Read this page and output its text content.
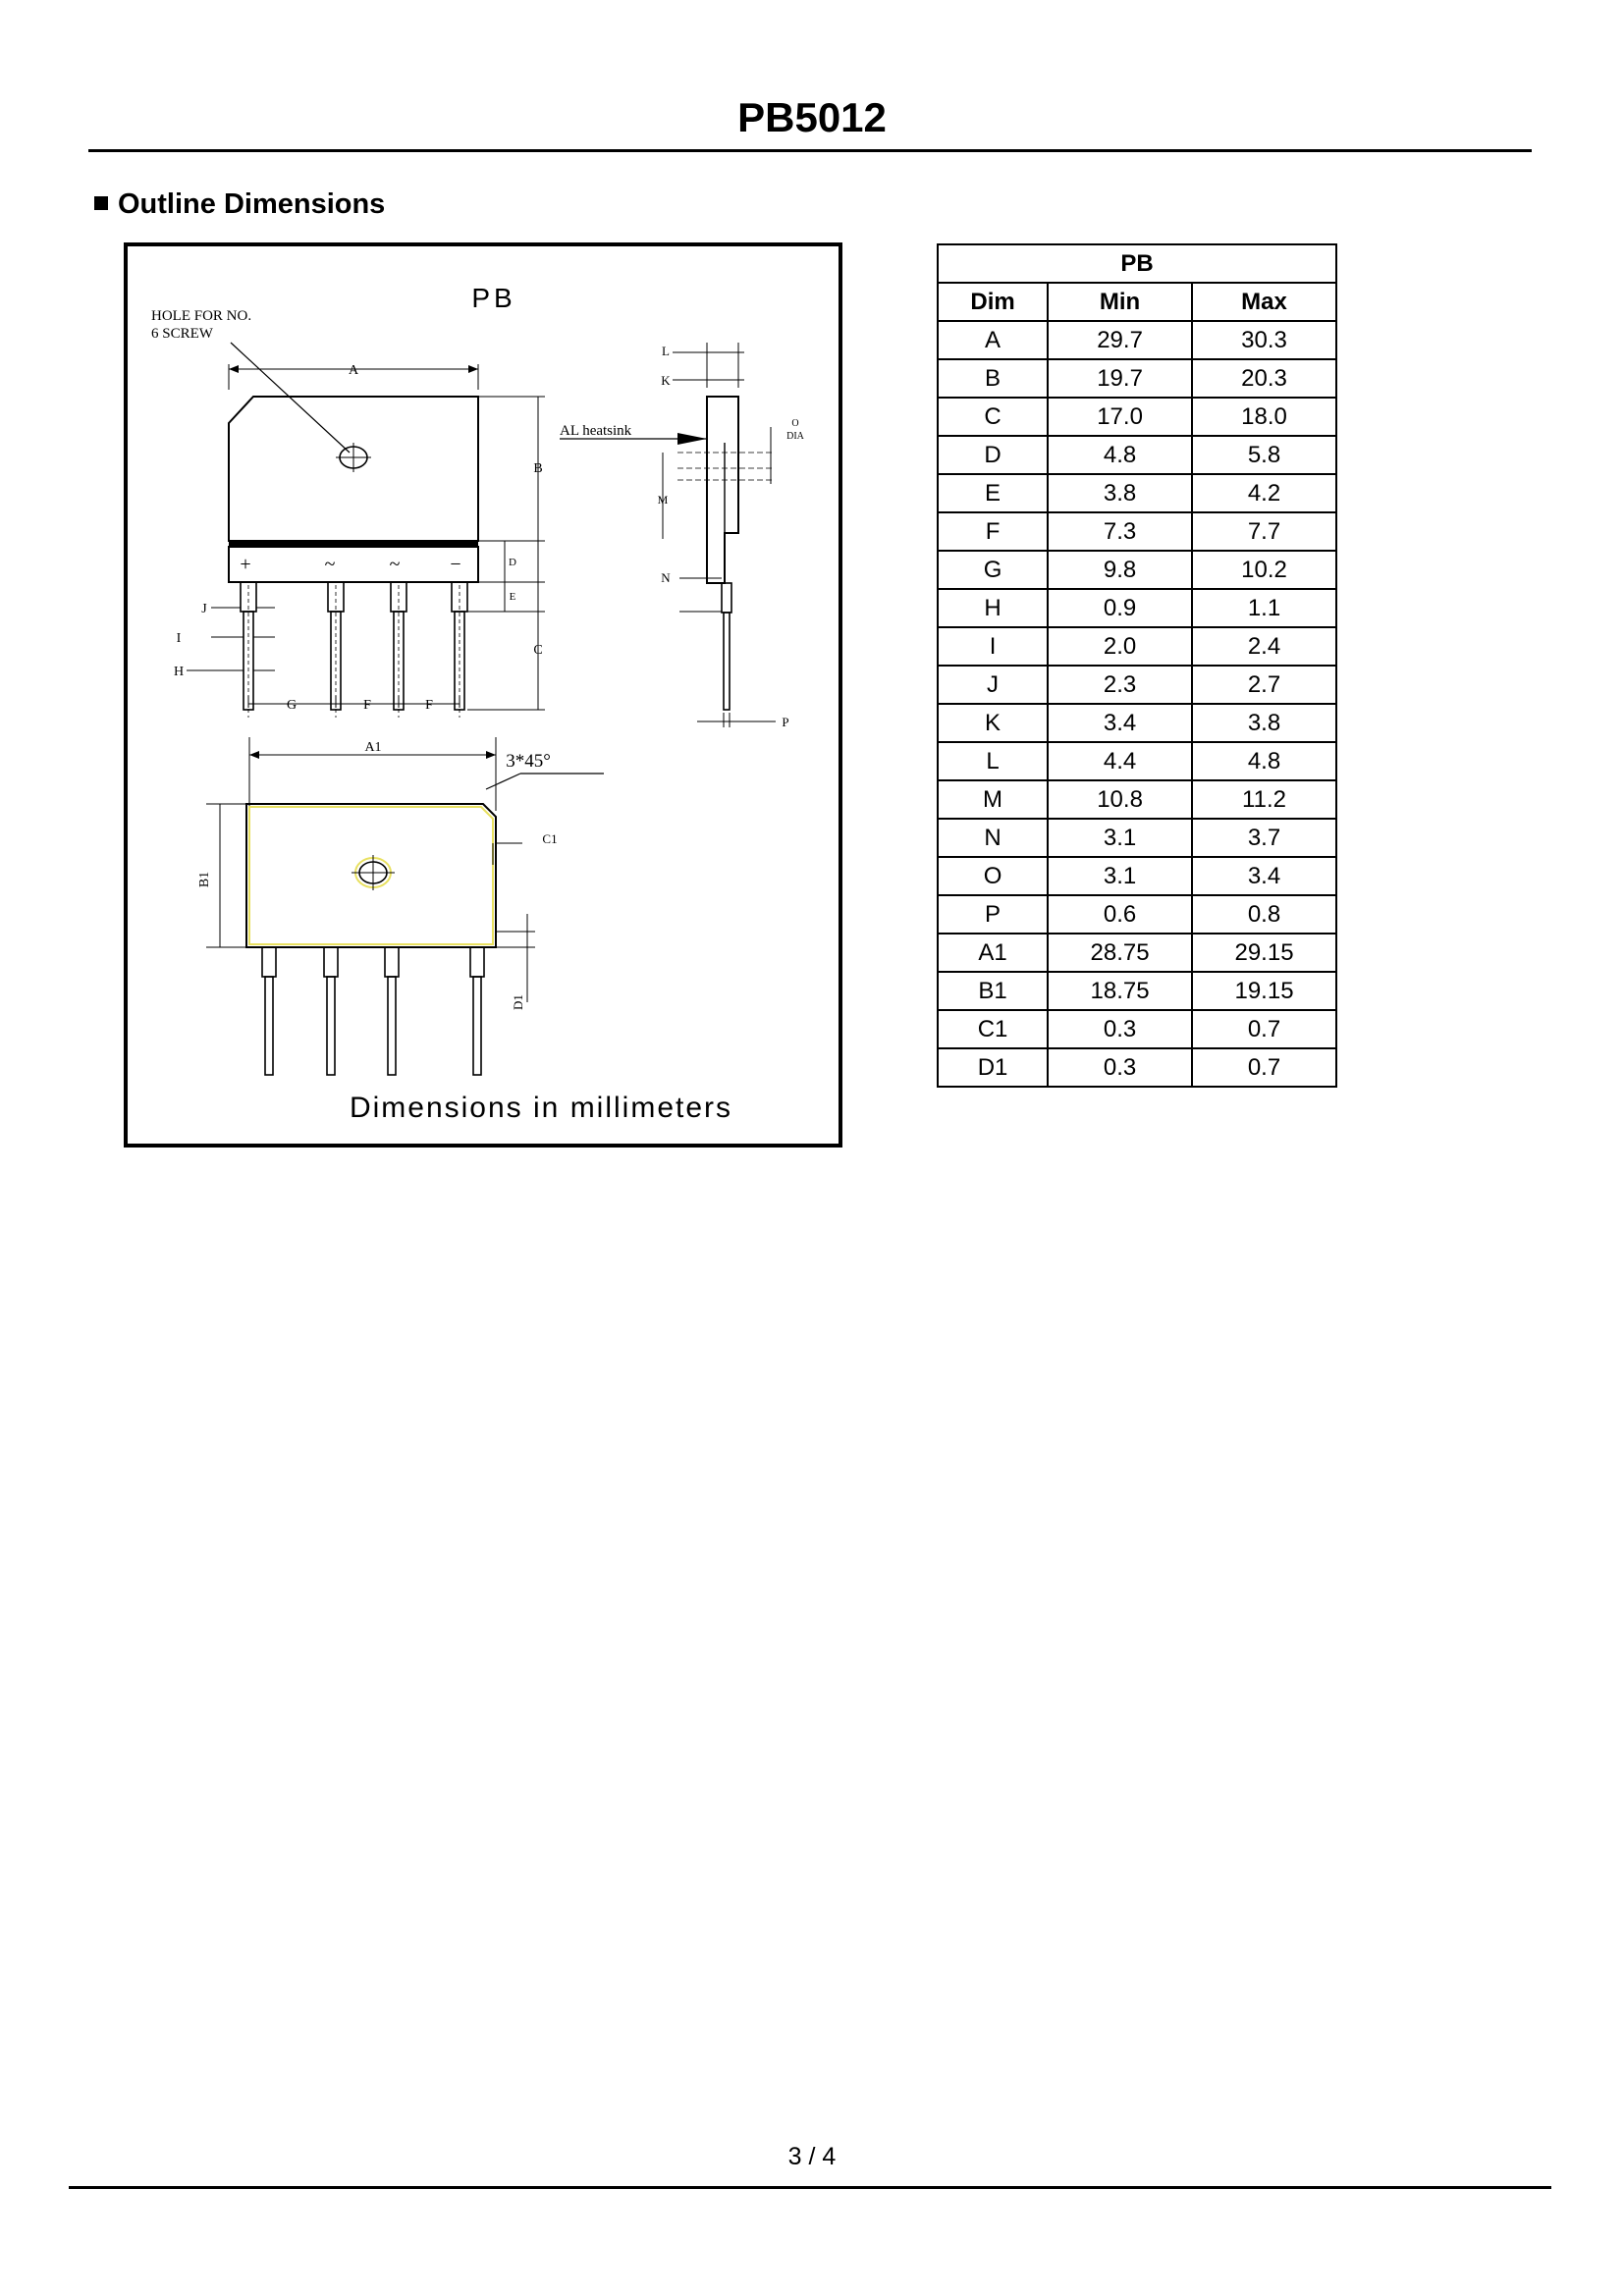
PB5012
Outline Dimensions
PB
HOLE FOR NO.
6 SCREW
A
+	~	~	−
J
I
H
G	F	F
B
C
D
E
L
K
AL heatsink	O
DIA
M
N
P
A1
3*45°
B1
C1
D1
Dimensions in millimeters
PB		
Dim	Min	Max
A	29.7	30.3
B	19.7	20.3
C	17.0	18.0
D	4.8	5.8
E	3.8	4.2
F	7.3	7.7
G	9.8	10.2
H	0.9	1.1
I	2.0	2.4
J	2.3	2.7
K	3.4	3.8
L	4.4	4.8
M	10.8	11.2
N	3.1	3.7
O	3.1	3.4
P	0.6	0.8
A1	28.75	29.15
B1	18.75	19.15
C1	0.3	0.7
D1	0.3	0.7
3 / 4
